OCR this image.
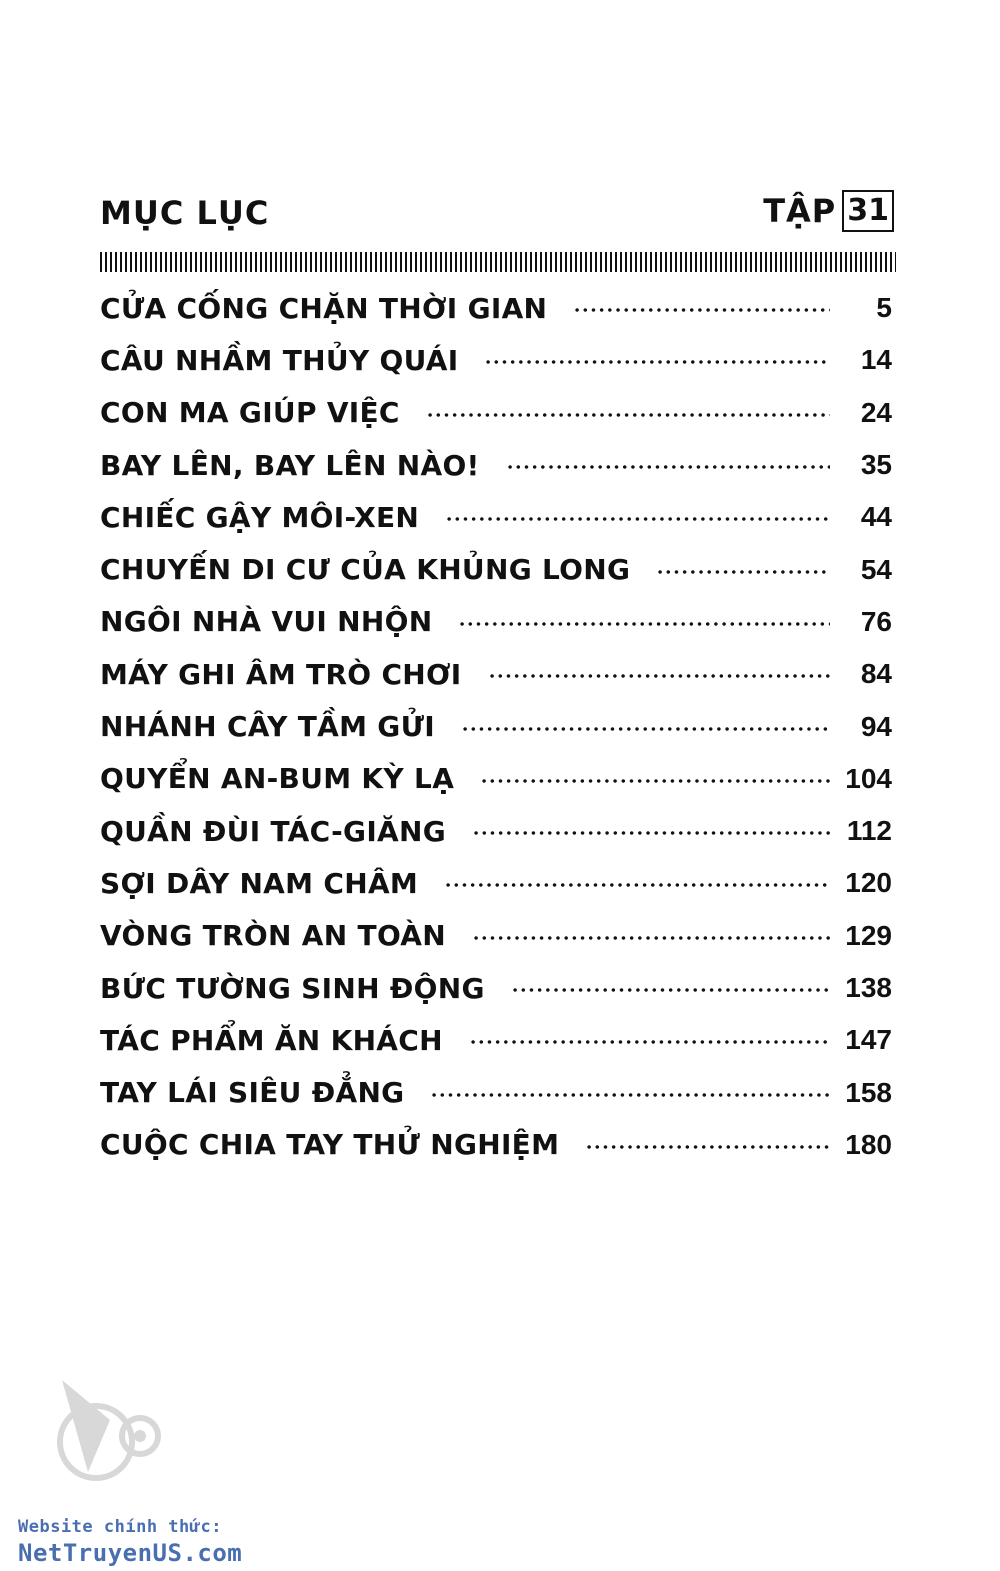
MỤC LỤC	TẬP 31
CỬA CỐNG CHẶN THỜI GIAN	5
CÂU NHẦM THỦY QUÁI	14
CON MA GIÚP VIỆC	24
BAY LÊN, BAY LÊN NÀO!	35
CHIẾC GẬY MÔI-XEN	44
CHUYẾN DI CƯ CỦA KHỦNG LONG	54
NGÔI NHÀ VUI NHỘN	76
MÁY GHI ÂM TRÒ CHƠI	84
NHÁNH CÂY TẦM GỬI	94
QUYỂN AN-BUM KỲ LẠ	104
QUẦN ĐÙI TÁC-GIĂNG	112
SỢI DÂY NAM CHÂM	120
VÒNG TRÒN AN TOÀN	129
BỨC TƯỜNG SINH ĐỘNG	138
TÁC PHẨM ĂN KHÁCH	147
TAY LÁI SIÊU ĐẲNG	158
CUỘC CHIA TAY THỬ NGHIỆM	180
Website chính thức:
NetTruyenUS.com
